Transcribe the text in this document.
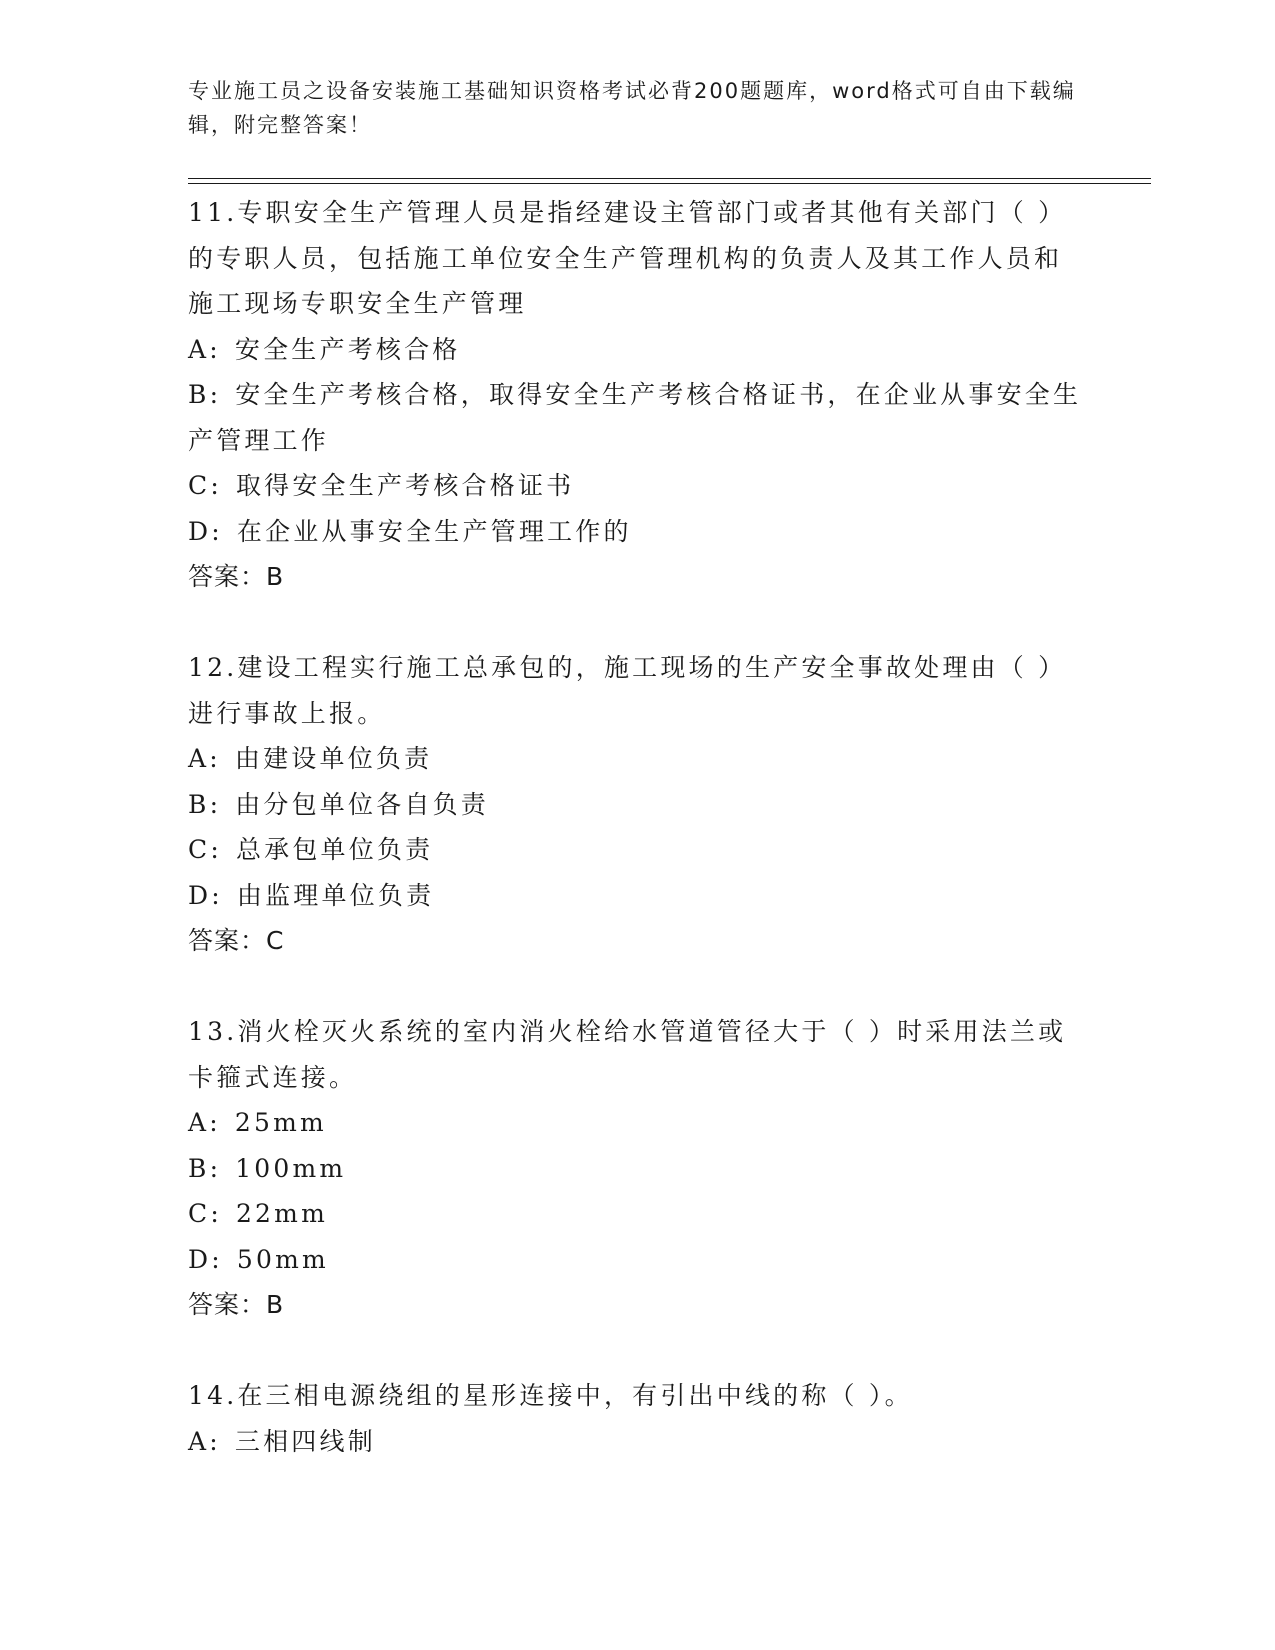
专业施工员之设备安装施工基础知识资格考试必背200题题库，word格式可自由下载编辑，附完整答案！
11.专职安全生产管理人员是指经建设主管部门或者其他有关部门（ ）的专职人员，包括施工单位安全生产管理机构的负责人及其工作人员和施工现场专职安全生产管理
A: 安全生产考核合格
B: 安全生产考核合格，取得安全生产考核合格证书，在企业从事安全生产管理工作
C: 取得安全生产考核合格证书
D: 在企业从事安全生产管理工作的
答案：B
12.建设工程实行施工总承包的，施工现场的生产安全事故处理由（ ）进行事故上报。
A: 由建设单位负责
B: 由分包单位各自负责
C: 总承包单位负责
D: 由监理单位负责
答案：C
13.消火栓灭火系统的室内消火栓给水管道管径大于（ ）时采用法兰或卡箍式连接。
A: 25mm
B: 100mm
C: 22mm
D: 50mm
答案：B
14.在三相电源绕组的星形连接中，有引出中线的称（ ）。
A: 三相四线制
